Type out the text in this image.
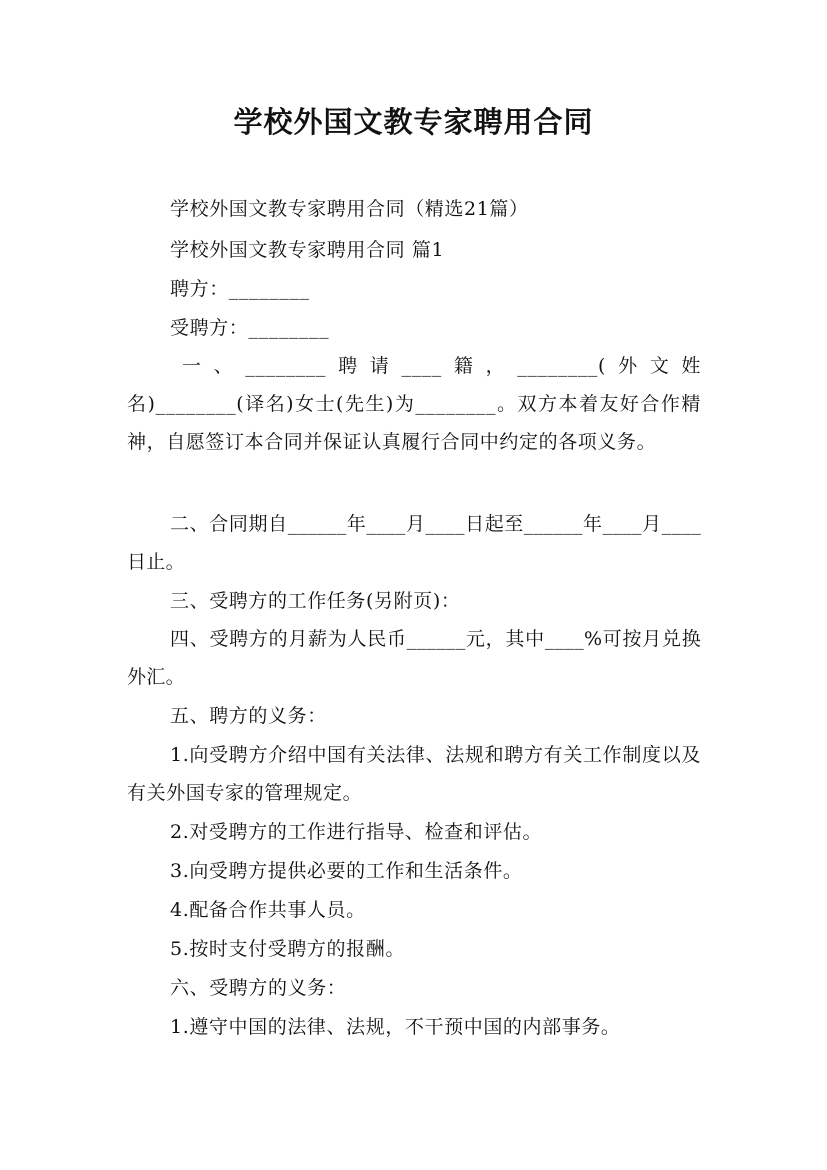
学校外国文教专家聘用合同

学校外国文教专家聘用合同（精选21篇）

学校外国文教专家聘用合同 篇1

聘方：________

受聘方：________

一、________聘请____籍，________(外文姓名)________(译名)女士(先生)为________。双方本着友好合作精神，自愿签订本合同并保证认真履行合同中约定的各项义务。

二、合同期自______年____月____日起至______年____月____日止。

三、受聘方的工作任务(另附页)：

四、受聘方的月薪为人民币______元，其中____%可按月兑换外汇。

五、聘方的义务：

1.向受聘方介绍中国有关法律、法规和聘方有关工作制度以及有关外国专家的管理规定。

2.对受聘方的工作进行指导、检查和评估。

3.向受聘方提供必要的工作和生活条件。

4.配备合作共事人员。

5.按时支付受聘方的报酬。

六、受聘方的义务：

1.遵守中国的法律、法规，不干预中国的内部事务。
